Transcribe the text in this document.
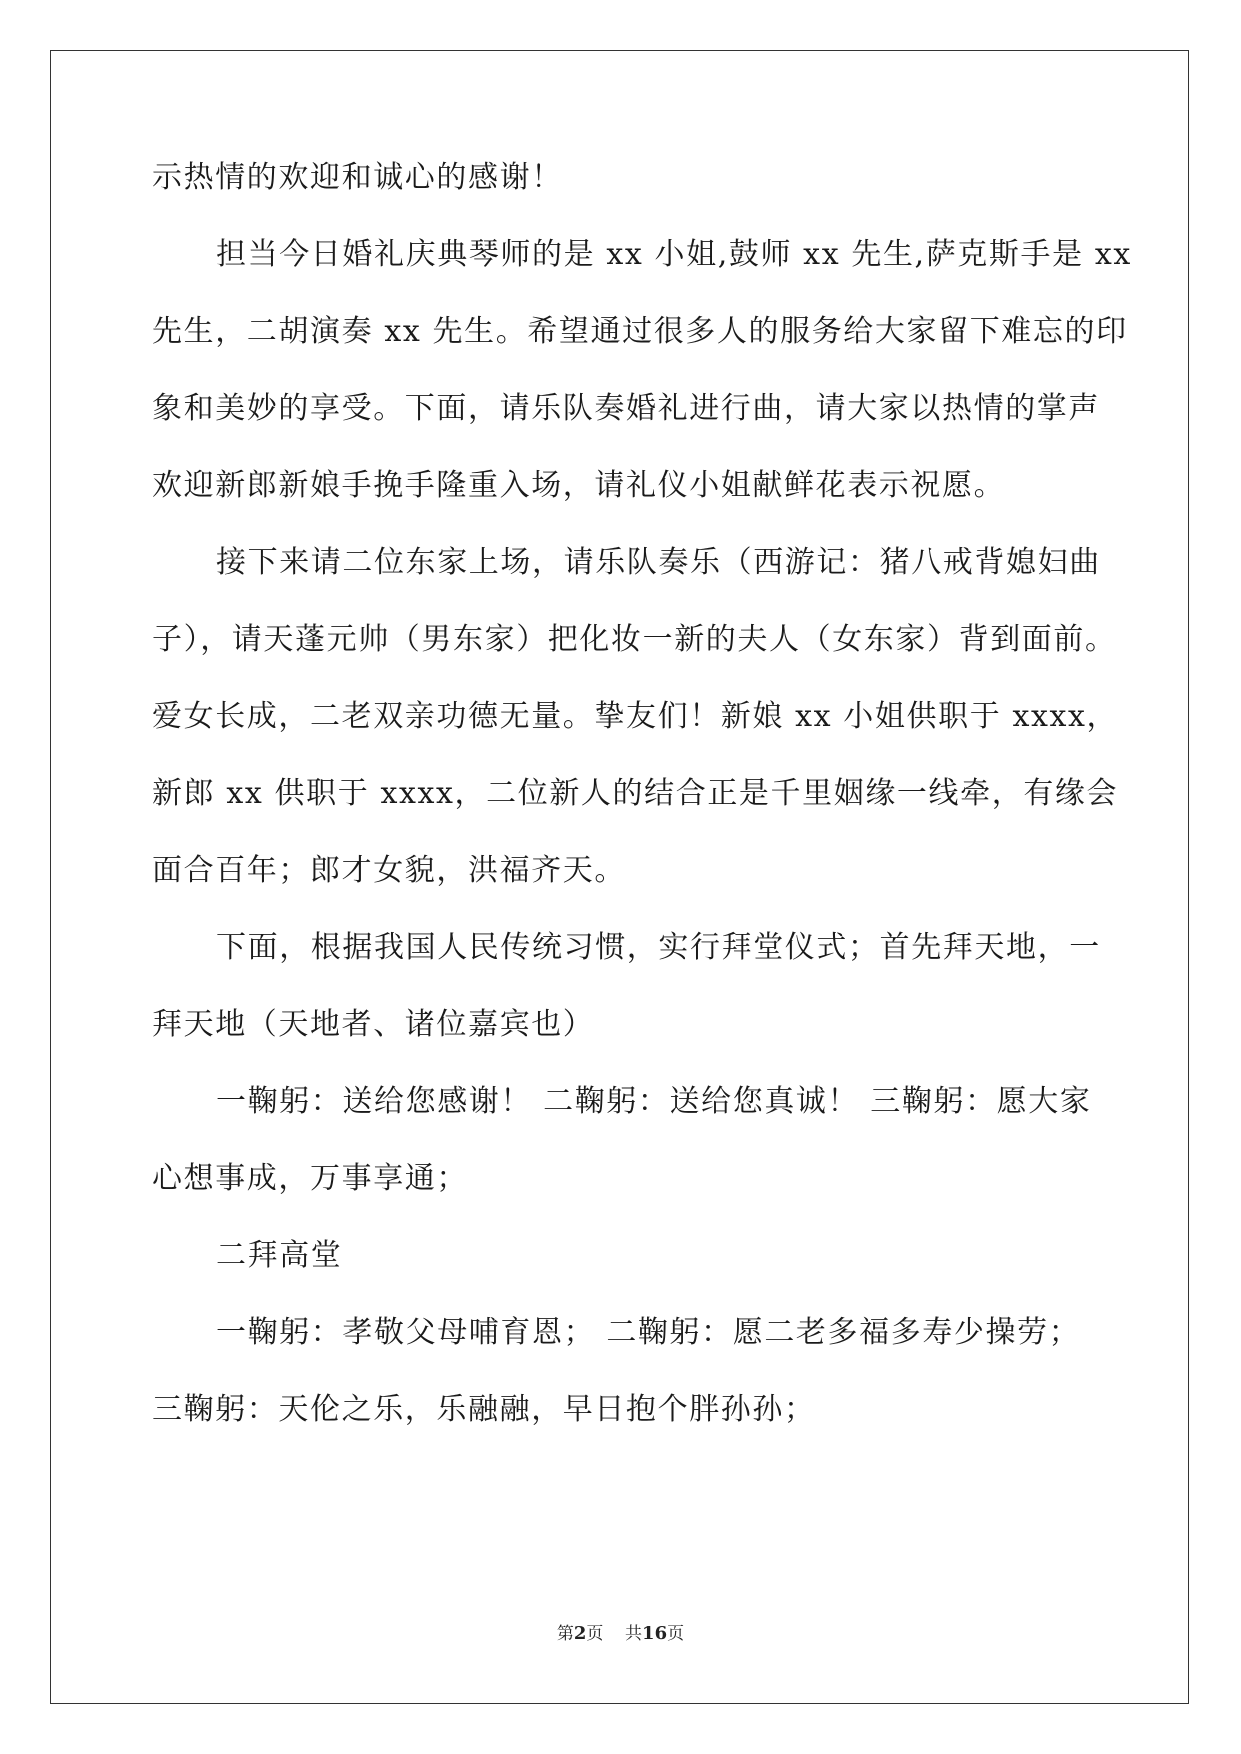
示热情的欢迎和诚心的感谢！
担当今日婚礼庆典琴师的是 xx 小姐,鼓师 xx 先生,萨克斯手是 xx
先生，二胡演奏 xx 先生。希望通过很多人的服务给大家留下难忘的印
象和美妙的享受。下面，请乐队奏婚礼进行曲，请大家以热情的掌声
欢迎新郎新娘手挽手隆重入场，请礼仪小姐献鲜花表示祝愿。
接下来请二位东家上场，请乐队奏乐（西游记：猪八戒背媳妇曲
子），请天蓬元帅（男东家）把化妆一新的夫人（女东家）背到面前。
爱女长成，二老双亲功德无量。挚友们！新娘 xx 小姐供职于 xxxx，
新郎 xx 供职于 xxxx，二位新人的结合正是千里姻缘一线牵，有缘会
面合百年；郎才女貌，洪福齐天。
下面，根据我国人民传统习惯，实行拜堂仪式；首先拜天地，一
拜天地（天地者、诸位嘉宾也）
一鞠躬：送给您感谢！ 二鞠躬：送给您真诚！ 三鞠躬：愿大家
心想事成，万事享通；
二拜高堂
一鞠躬：孝敬父母哺育恩； 二鞠躬：愿二老多福多寿少操劳；
三鞠躬：天伦之乐，乐融融，早日抱个胖孙孙；
第2页 共16页
